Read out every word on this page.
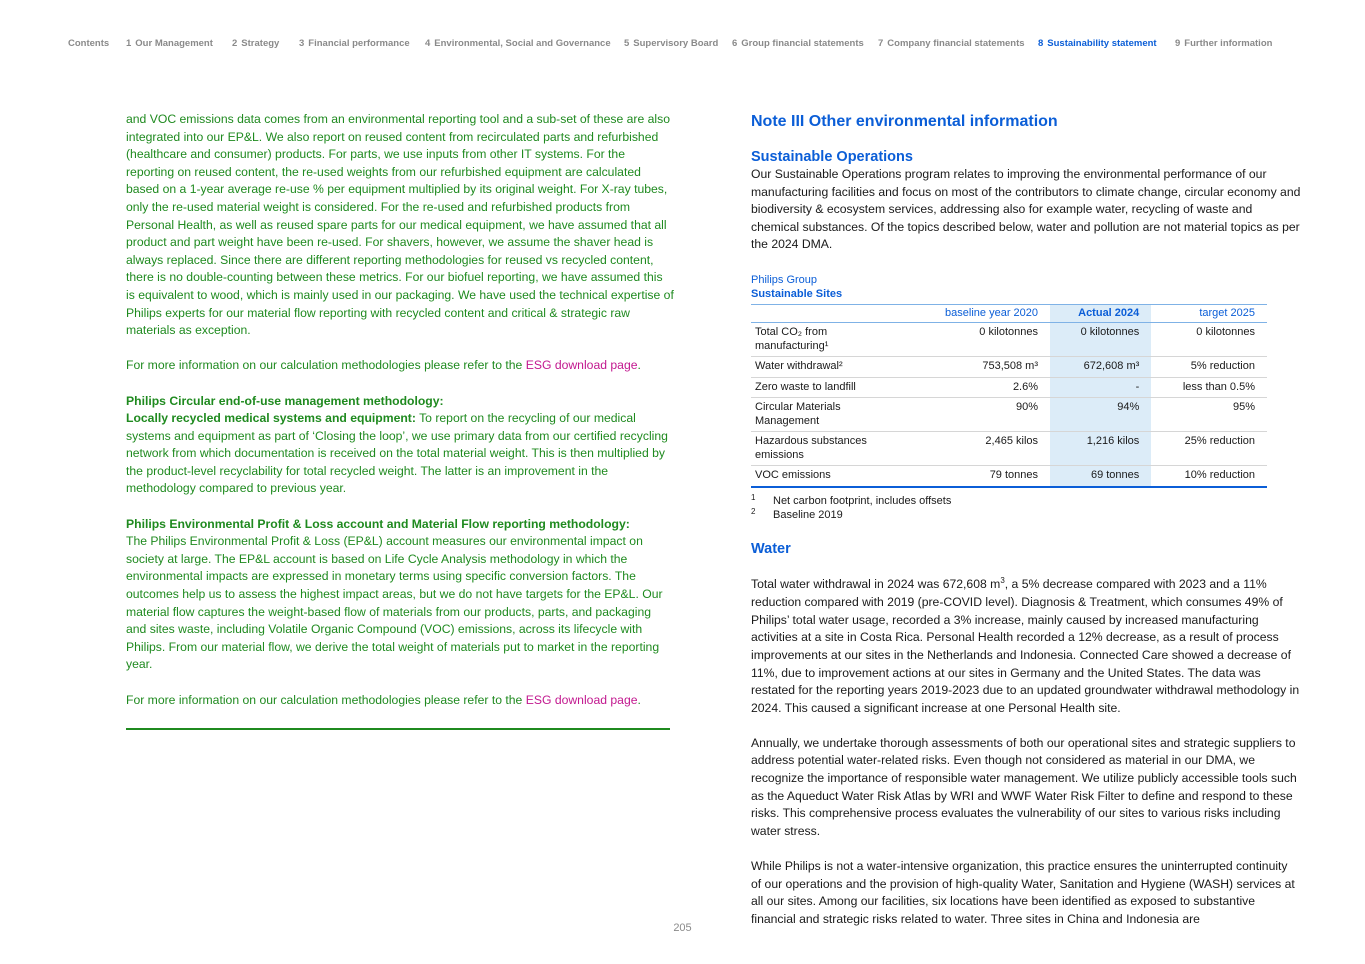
Contents 1 Our Management 2 Strategy 3 Financial performance 4 Environmental, Social and Governance 5 Supervisory Board 6 Group financial statements 7 Company financial statements 8 Sustainability statement 9 Further information

and VOC emissions data comes from an environmental reporting tool and a sub-set of these are also integrated into our EP&L. We also report on reused content from recirculated parts and refurbished (healthcare and consumer) products. For parts, we use inputs from other IT systems. For the reporting on reused content, the re-used weights from our refurbished equipment are calculated based on a 1-year average re-use % per equipment multiplied by its original weight. For X-ray tubes, only the re-used material weight is considered. For the re-used and refurbished products from Personal Health, as well as reused spare parts for our medical equipment, we have assumed that all product and part weight have been re-used. For shavers, however, we assume the shaver head is always replaced. Since there are different reporting methodologies for reused vs recycled content, there is no double-counting between these metrics. For our biofuel reporting, we have assumed this is equivalent to wood, which is mainly used in our packaging. We have used the technical expertise of Philips experts for our material flow reporting with recycled content and critical & strategic raw materials as exception.

For more information on our calculation methodologies please refer to the ESG download page.

Philips Circular end-of-use management methodology:

Locally recycled medical systems and equipment: To report on the recycling of our medical systems and equipment as part of ‘Closing the loop’, we use primary data from our certified recycling network from which documentation is received on the total material weight. This is then multiplied by the product-level recyclability for total recycled weight. The latter is an improvement in the methodology compared to previous year.

Philips Environmental Profit & Loss account and Material Flow reporting methodology:

The Philips Environmental Profit & Loss (EP&L) account measures our environmental impact on society at large. The EP&L account is based on Life Cycle Analysis methodology in which the environmental impacts are expressed in monetary terms using specific conversion factors. The outcomes help us to assess the highest impact areas, but we do not have targets for the EP&L. Our material flow captures the weight-based flow of materials from our products, parts, and packaging and sites waste, including Volatile Organic Compound (VOC) emissions, across its lifecycle with Philips. From our material flow, we derive the total weight of materials put to market in the reporting year.

For more information on our calculation methodologies please refer to the ESG download page.

Note III Other environmental information
Sustainable Operations

Our Sustainable Operations program relates to improving the environmental performance of our manufacturing facilities and focus on most of the contributors to climate change, circular economy and biodiversity & ecosystem services, addressing also for example water, recycling of waste and chemical substances. Of the topics described below, water and pollution are not material topics as per the 2024 DMA.

Philips Group
Sustainable Sites
	baseline year 2020	Actual 2024	target 2025
Total CO₂ from manufacturing¹	0 kilotonnes	0 kilotonnes	0 kilotonnes
Water withdrawal²	753,508 m³	672,608 m³	5% reduction
Zero waste to landfill	2.6%	-	less than 0.5%
Circular Materials Management	90%	94%	95%
Hazardous substances emissions	2,465 kilos	1,216 kilos	25% reduction
VOC emissions	79 tonnes	69 tonnes	10% reduction
1 Net carbon footprint, includes offsets
2 Baseline 2019
Water

Total water withdrawal in 2024 was 672,608 $m^3$, a 5% decrease compared with 2023 and a 11% reduction compared with 2019 (pre-COVID level). Diagnosis & Treatment, which consumes 49% of Philips’ total water usage, recorded a 3% increase, mainly caused by increased manufacturing activities at a site in Costa Rica. Personal Health recorded a 12% decrease, as a result of process improvements at our sites in the Netherlands and Indonesia. Connected Care showed a decrease of 11%, due to improvement actions at our sites in Germany and the United States. The data was restated for the reporting years 2019-2023 due to an updated groundwater withdrawal methodology in 2024. This caused a significant increase at one Personal Health site.

Annually, we undertake thorough assessments of both our operational sites and strategic suppliers to address potential water-related risks. Even though not considered as material in our DMA, we recognize the importance of responsible water management. We utilize publicly accessible tools such as the Aqueduct Water Risk Atlas by WRI and WWF Water Risk Filter to define and respond to these risks. This comprehensive process evaluates the vulnerability of our sites to various risks including water stress.

While Philips is not a water-intensive organization, this practice ensures the uninterrupted continuity of our operations and the provision of high-quality Water, Sanitation and Hygiene (WASH) services at all our sites. Among our facilities, six locations have been identified as exposed to substantive financial and strategic risks related to water. Three sites in China and Indonesia are

205
